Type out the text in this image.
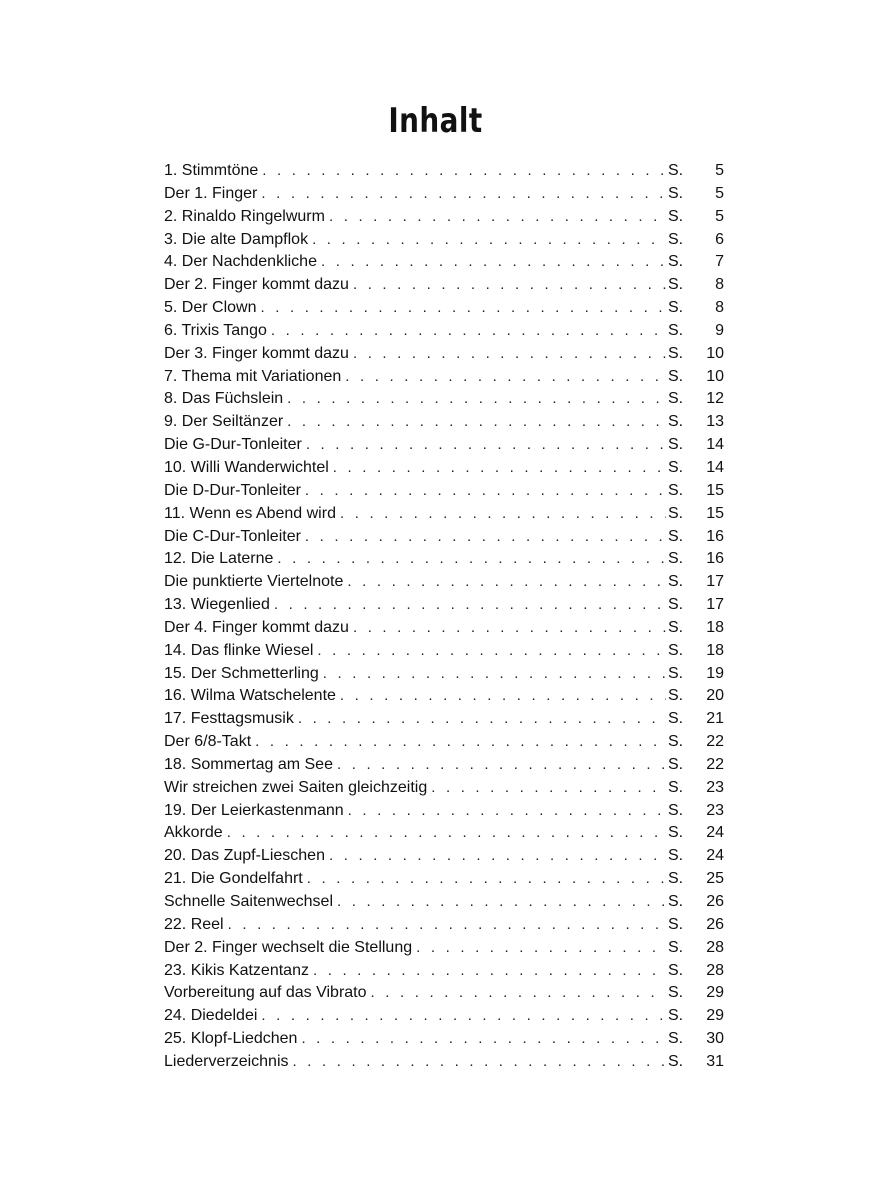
Inhalt
1. Stimmtöne . . .	S.	5
Der 1. Finger . . .	S.	5
2. Rinaldo Ringelwurm . . .	S.	5
3. Die alte Dampflok . . .	S.	6
4. Der Nachdenkliche . . .	S.	7
Der 2. Finger kommt dazu . . .	S.	8
5. Der Clown . . .	S.	8
6. Trixis Tango . . .	S.	9
Der 3. Finger kommt dazu . . .	S.	10
7. Thema mit Variationen . . .	S.	10
8. Das Füchslein . . .	S.	12
9. Der Seiltänzer . . .	S.	13
Die G-Dur-Tonleiter . . .	S.	14
10. Willi Wanderwichtel . . .	S.	14
Die D-Dur-Tonleiter . . .	S.	15
11. Wenn es Abend wird . . .	S.	15
Die C-Dur-Tonleiter . . .	S.	16
12. Die Laterne . . .	S.	16
Die punktierte Viertelnote . . .	S.	17
13. Wiegenlied . . .	S.	17
Der 4. Finger kommt dazu . . .	S.	18
14. Das flinke Wiesel . . .	S.	18
15. Der Schmetterling . . .	S.	19
16. Wilma Watschelente . . .	S.	20
17. Festtagsmusik . . .	S.	21
Der 6/8-Takt . . .	S.	22
18. Sommertag am See . . .	S.	22
Wir streichen zwei Saiten gleichzeitig . . .	S.	23
19. Der Leierkastenmann . . .	S.	23
Akkorde . . .	S.	24
20. Das Zupf-Lieschen . . .	S.	24
21. Die Gondelfahrt . . .	S.	25
Schnelle Saitenwechsel . . .	S.	26
22. Reel . . .	S.	26
Der 2. Finger wechselt die Stellung . . .	S.	28
23. Kikis Katzentanz . . .	S.	28
Vorbereitung auf das Vibrato . . .	S.	29
24. Diedeldei . . .	S.	29
25. Klopf-Liedchen . . .	S.	30
Liederverzeichnis . . .	S.	31
